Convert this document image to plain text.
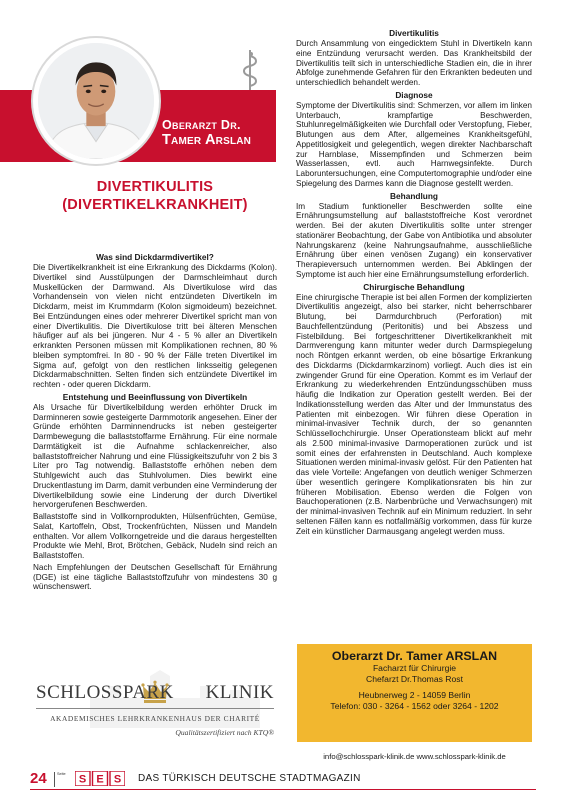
Oberarzt Dr.
Tamer Arslan
DIVERTIKULITIS
(DIVERTIKELKRANKHEIT)
Was sind Dickdarmdivertikel?

Die Divertikelkrankheit ist eine Erkrankung des Dickdarms (Kolon). Divertikel sind Ausstülpungen der Darmschleimhaut durch Muskellücken der Darmwand. Als Divertikulose wird das Vorhandensein von vielen nicht entzündeten Divertikeln im Dickdarm, meist im Krummdarm (Kolon sigmoideum) bezeichnet. Bei Entzündungen eines oder mehrerer Divertikel spricht man von einer Divertikulitis. Die Divertikulose tritt bei älteren Menschen häufiger auf als bei jüngeren. Nur 4 - 5 % aller an Divertikeln erkrankten Personen müssen mit Komplikationen rechnen, 80 % bleiben symptomfrei. In 80 - 90 % der Fälle treten Divertikel im Sigma auf, gefolgt von den restlichen linksseitig gelegenen Dickdarmabschnitten. Selten finden sich entzündete Divertikel im rechten - oder queren Dickdarm.

Entstehung und Beeinflussung von Divertikeln

Als Ursache für Divertikelbildung werden erhöhter Druck im Darminneren sowie gesteigerte Darmmotorik angesehen. Einer der Gründe erhöhten Darminnendrucks ist neben gesteigerter Darmbewegung die ballaststoffarme Ernährung. Für eine normale Darmtätigkeit ist die Aufnahme schlackenreicher, also ballaststoffreicher Nahrung und eine Flüssigkeitszufuhr von 2 bis 3 Liter pro Tag notwendig. Ballaststoffe erhöhen neben dem Stuhlgewicht auch das Stuhlvolumen. Dies bewirkt eine Druckentlastung im Darm, damit verbunden eine Verminderung der Divertikelbildung sowie eine Linderung der durch Divertikel hervorgerufenen Beschwerden.

Ballaststoffe sind in Vollkornprodukten, Hülsenfrüchten, Gemüse, Salat, Kartoffeln, Obst, Trockenfrüchten, Nüssen und Mandeln enthalten. Vor allem Vollkorngetreide und die daraus hergestellten Produkte wie Mehl, Brot, Brötchen, Gebäck, Nudeln sind reich an Ballaststoffen.

Nach Empfehlungen der Deutschen Gesellschaft für Ernährung (DGE) ist eine tägliche Ballaststoffzufuhr von mindestens 30 g wünschenswert.

Divertikulitis

Durch Ansammlung von eingedicktem Stuhl in Divertikeln kann eine Entzündung verursacht werden. Das Krankheitsbild der Divertikulitis teilt sich in unterschiedliche Stadien ein, die in ihrer Abfolge zunehmende Gefahren für den Erkrankten bedeuten und unterschiedlich behandelt werden.

Diagnose

Symptome der Divertikulitis sind: Schmerzen, vor allem im linken Unterbauch, krampfartige Beschwerden, Stuhlunregelmäßigkeiten wie Durchfall oder Verstopfung, Fieber, Blutungen aus dem After, allgemeines Krankheitsgefühl, Appetitlosigkeit und gelegentlich, wegen direkter Nachbarschaft zur Harnblase, Missempfinden und Schmerzen beim Wasserlassen, evtl. auch Harnwegsinfekte. Durch Laboruntersuchungen, eine Computertomographie und/oder eine Spiegelung des Darmes kann die Diagnose gestellt werden.

Behandlung

Im Stadium funktioneller Beschwerden sollte eine Ernährungsumstellung auf ballaststoffreiche Kost verordnet werden. Bei der akuten Divertikulitis sollte unter strenger stationärer Beobachtung, der Gabe von Antibiotika und absoluter Nahrungskarenz (keine Nahrungsaufnahme, ausschließliche Ernährung über einen venösen Zugang) ein konservativer Therapieversuch unternommen werden. Bei Abklingen der Symptome ist auch hier eine Ernährungsumstellung erforderlich.

Chirurgische Behandlung

Eine chirurgische Therapie ist bei allen Formen der komplizierten Divertikulitis angezeigt, also bei starker, nicht beherrschbarer Blutung, bei Darmdurchbruch (Perforation) mit Bauchfellentzündung (Peritonitis) und bei Abszess und Fistelbildung. Bei fortgeschrittener Divertikelkrankheit mit Darmverengung kann mitunter weder durch Darmspiegelung noch Röntgen erkannt werden, ob eine bösartige Erkrankung des Dickdarms (Dickdarmkarzinom) vorliegt. Auch dies ist ein zwingender Grund für eine Operation. Kommt es im Verlauf der Erkrankung zu wiederkehrenden Entzündungsschüben muss häufig die Indikation zur Operation gestellt werden. Bei der Indikationsstellung werden das Alter und der Immunstatus des Patienten mit einbezogen. Wir führen diese Operation in minimal-invasiver Technik durch, der so genannten Schlüssellochchirurgie. Unser Operationsteam blickt auf mehr als 2.500 minimal-invasive Darmoperationen zurück und ist somit eines der erfahrensten in Deutschland. Auch komplexe Situationen werden minimal-invasiv gelöst. Für den Patienten hat das viele Vorteile: Angefangen von deutlich weniger Schmerzen über wesentlich geringere Komplikationsraten bis hin zur früheren Mobilisation. Ebenso werden die Folgen von Bauchoperationen (z.B. Narbenbrüche und Verwachsungen) mit der minimal-invasiven Technik auf ein Minimum reduziert. In sehr seltenen Fällen kann es notfallmäßig vorkommen, dass für kurze Zeit ein künstlicher Darmausgang angelegt werden muss.

SCHLOSSPARK KLINIK
AKADEMISCHES LEHRKRANKENHAUS DER CHARITÉ
Qualitätszertifiziert nach KTQ®
Oberarzt Dr. Tamer ARSLAN
Facharzt für Chirurgie
Chefarzt Dr.Thomas Rost
Heubnerweg 2 - 14059 Berlin
Telefon: 030 - 3264 - 1562 oder 3264 - 1202
info@schlosspark-klinik.de www.schlosspark-klinik.de
24	Seite S E S DAS TÜRKISCH DEUTSCHE STADTMAGAZIN
